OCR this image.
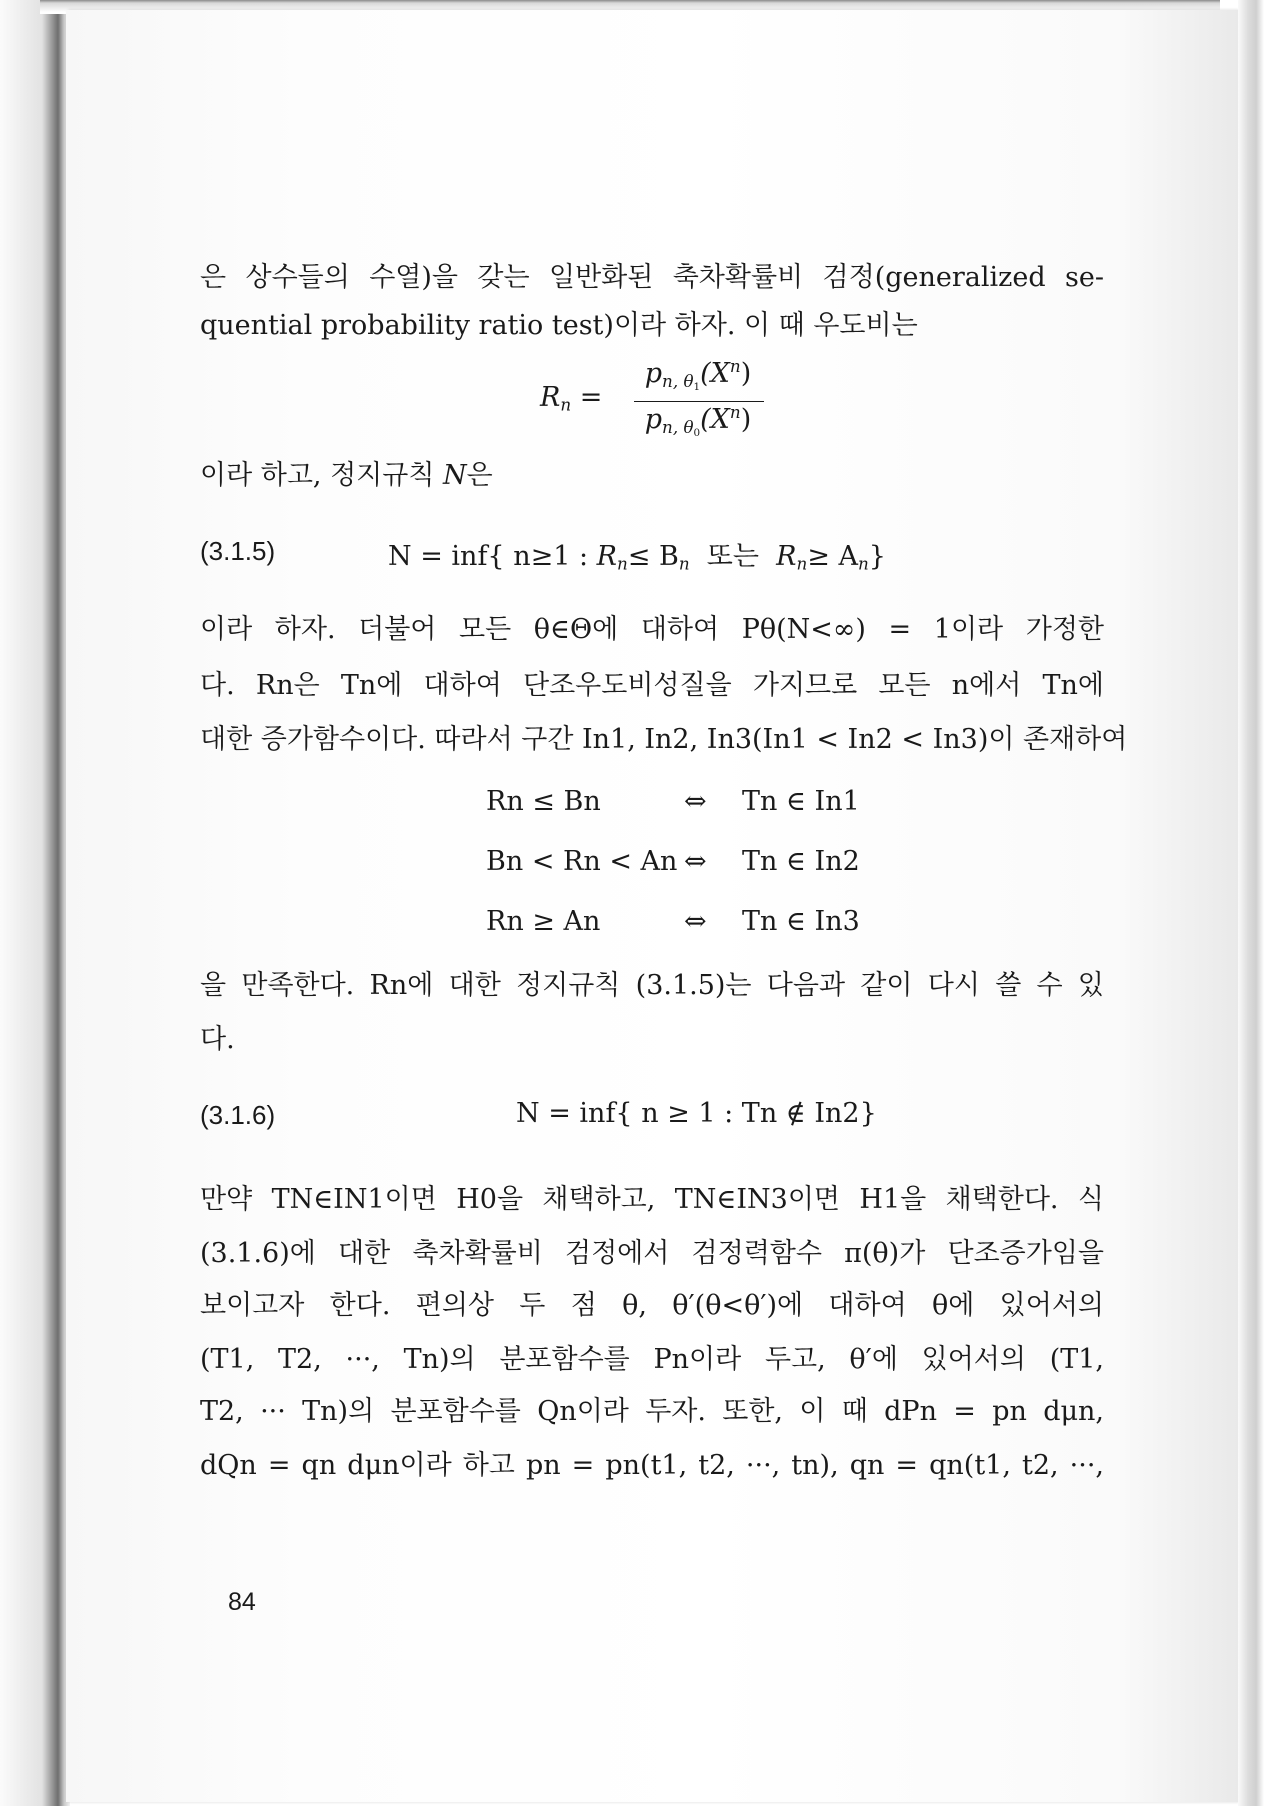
은 상수들의 수열)을 갖는 일반화된 축차확률비 검정(generalized se-
quential probability ratio test)이라 하자. 이 때 우도비는
$R_n$ =
$p_{n, \theta_1}(X^n)$
$p_{n, \theta_0}(X^n)$
이라 하고, 정지규칙 N은
(3.1.5)	N = inf{ n≥1 : $R_n\le B_n$ 또는 $R_n\ge A_n$}
이라 하자. 더불어 모든 θ∈Θ에 대하여 Pθ(N<∞) = 1이라 가정한
다. Rn은 Tn에 대하여 단조우도비성질을 가지므로 모든 n에서 Tn에
대한 증가함수이다. 따라서 구간 In1, In2, In3(In1 < In2 < In3)이 존재하여
Rn ≤ Bn	⇔ Tn ∈ In1
Bn < Rn < An ⇔ Tn ∈ In2
Rn ≥ An	⇔ Tn ∈ In3
을 만족한다. Rn에 대한 정지규칙 (3.1.5)는 다음과 같이 다시 쓸 수 있
다.
(3.1.6)	N = inf{ n ≥ 1 : Tn ∉ In2}
만약 TN∈IN1이면 H0을 채택하고, TN∈IN3이면 H1을 채택한다. 식
(3.1.6)에 대한 축차확률비 검정에서 검정력함수 π(θ)가 단조증가임을
보이고자 한다. 편의상 두 점 θ, θ′(θ<θ′)에 대하여 θ에 있어서의
(T1, T2, ···, Tn)의 분포함수를 Pn이라 두고, θ′에 있어서의 (T1,
T2, ··· Tn)의 분포함수를 Qn이라 두자. 또한, 이 때 dPn = pn dμn,
dQn = qn dμn이라 하고 pn = pn(t1, t2, ···, tn), qn = qn(t1, t2, ···,
84
